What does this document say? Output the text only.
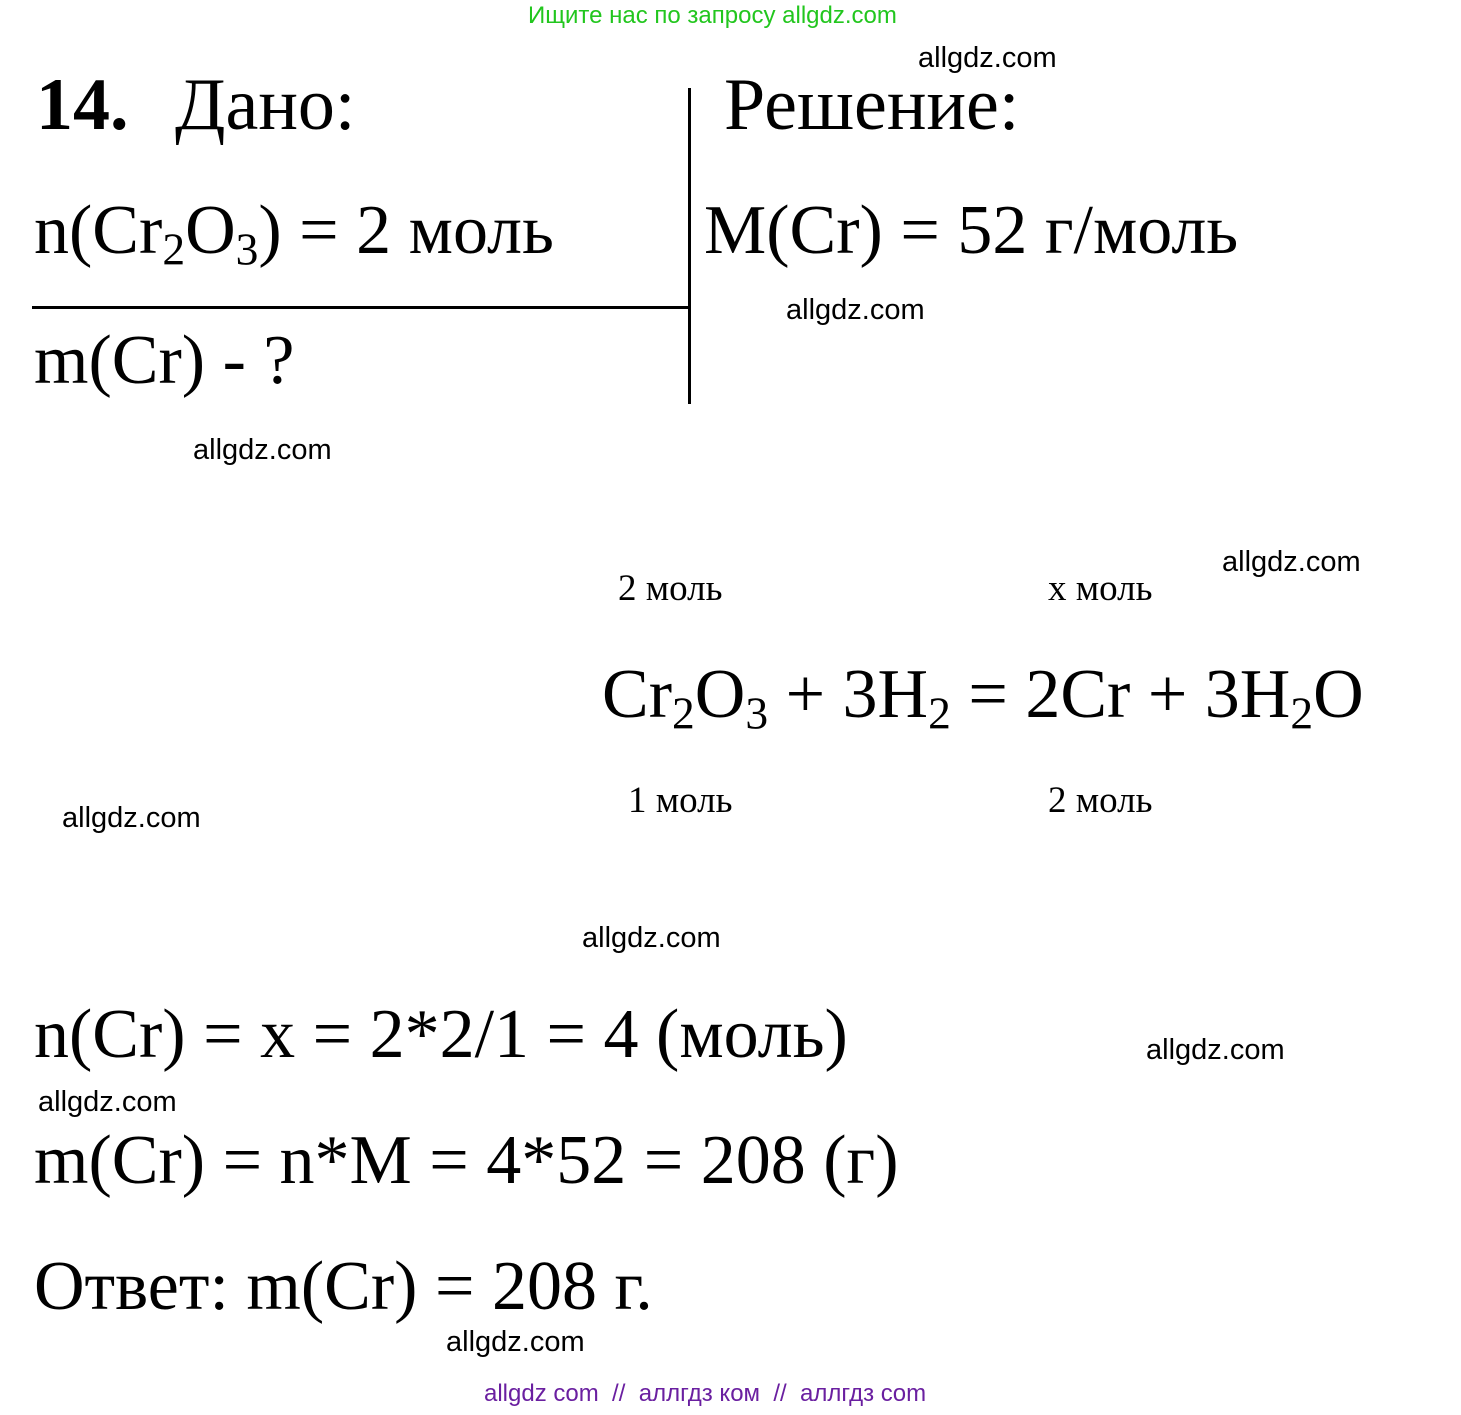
Ищите нас по запросу allgdz.com
allgdz.com
allgdz.com
allgdz.com
allgdz.com
allgdz.com
allgdz.com
allgdz.com
allgdz.com
allgdz.com
14. Дано:	Решение:
$n(Cr_2O_3) = 2$ моль M(Cr) = 52 г/моль
m(Cr) - ?
2 моль	x моль
$Cr_2O_3 + 3H_2 = 2Cr + 3H_2O$
1 моль	2 моль
n(Cr) = x = 2*2/1 = 4 (моль)
m(Cr) = n*M = 4*52 = 208 (г)
Ответ: m(Cr) = 208 г.
allgdz com  //  аллгдз ком  //  аллгдз com
